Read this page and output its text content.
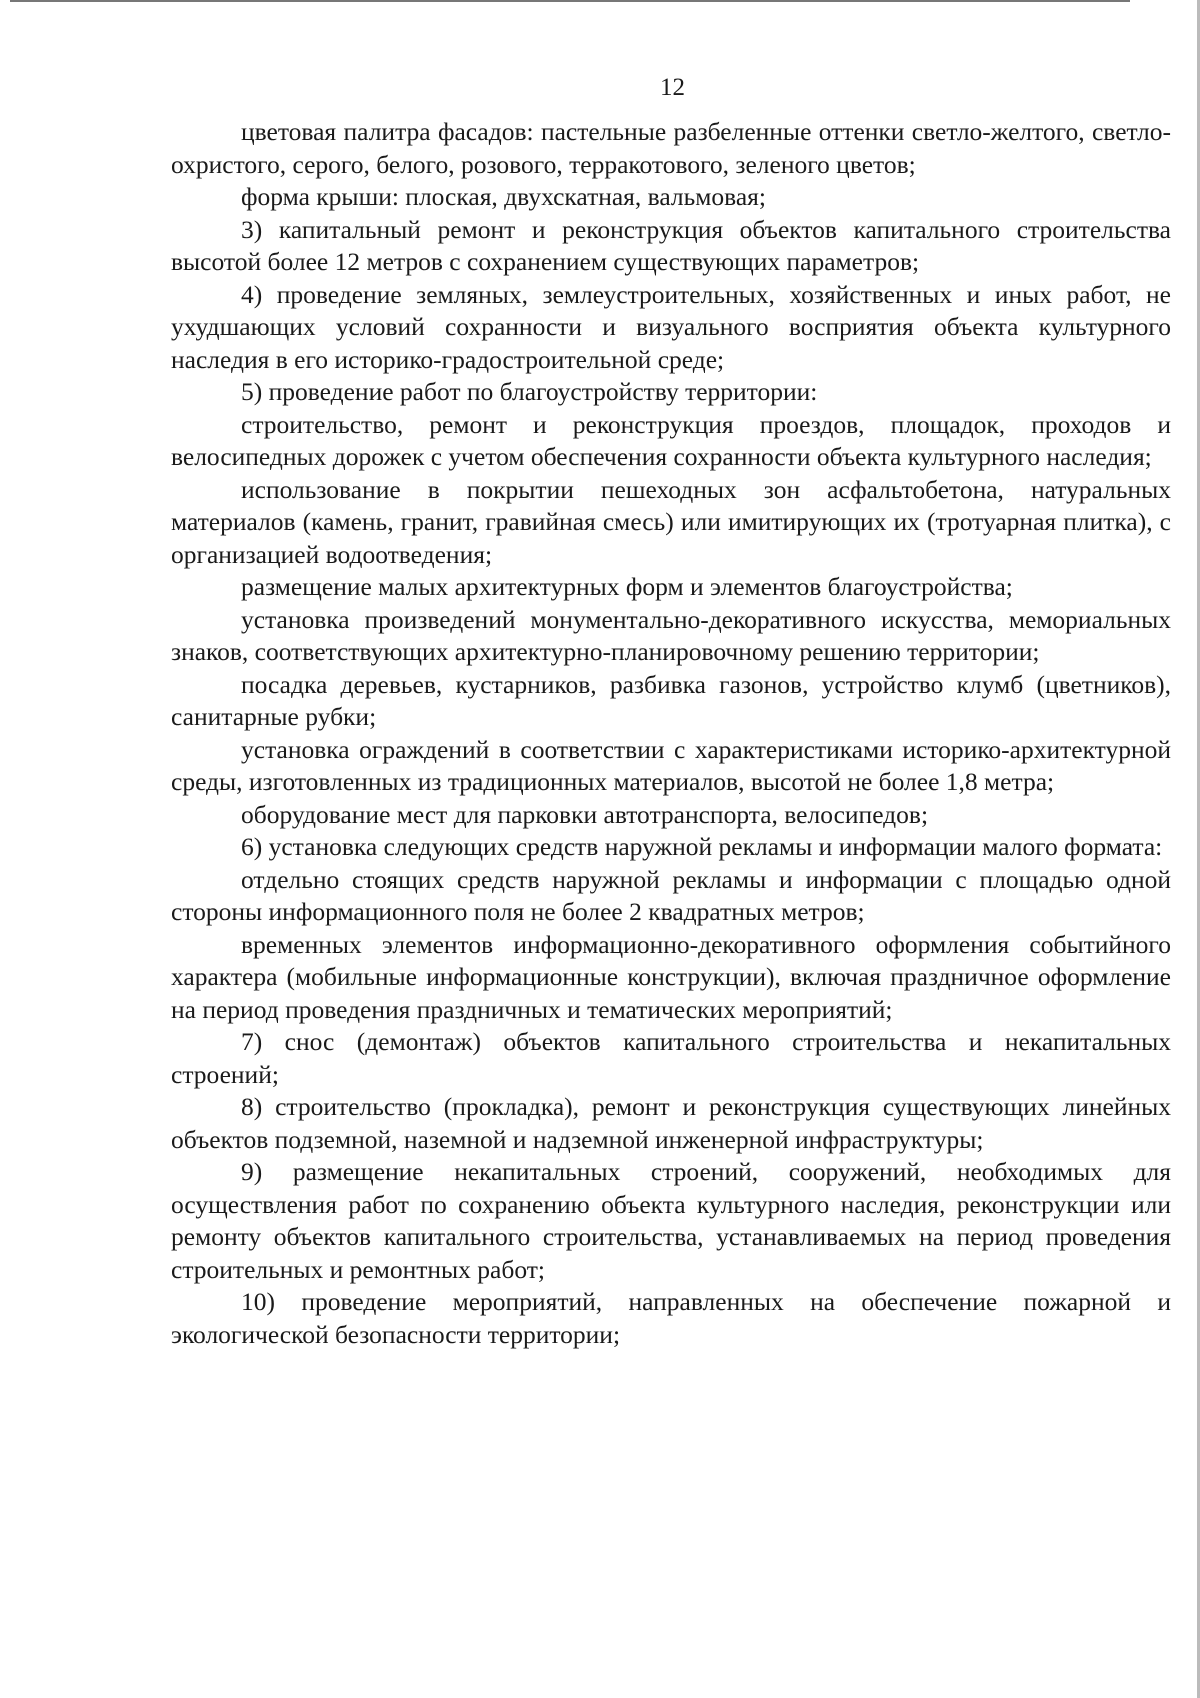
12

цветовая палитра фасадов: пастельные разбеленные оттенки светло-желтого, светло-охристого, серого, белого, розового, терракотового, зеленого цветов;

форма крыши: плоская, двухскатная, вальмовая;

3) капитальный ремонт и реконструкция объектов капитального строительства высотой более 12 метров с сохранением существующих параметров;

4) проведение земляных, землеустроительных, хозяйственных и иных работ, не ухудшающих условий сохранности и визуального восприятия объекта культурного наследия в его историко-градостроительной среде;

5) проведение работ по благоустройству территории:

строительство, ремонт и реконструкция проездов, площадок, проходов и велосипедных дорожек с учетом обеспечения сохранности объекта культурного наследия;

использование в покрытии пешеходных зон асфальтобетона, натуральных материалов (камень, гранит, гравийная смесь) или имитирующих их (тротуарная плитка), с организацией водоотведения;

размещение малых архитектурных форм и элементов благоустройства;

установка произведений монументально-декоративного искусства, мемориальных знаков, соответствующих архитектурно-планировочному решению территории;

посадка деревьев, кустарников, разбивка газонов, устройство клумб (цветников), санитарные рубки;

установка ограждений в соответствии с характеристиками историко-архитектурной среды, изготовленных из традиционных материалов, высотой не более 1,8 метра;

оборудование мест для парковки автотранспорта, велосипедов;

6) установка следующих средств наружной рекламы и информации малого формата:

отдельно стоящих средств наружной рекламы и информации с площадью одной стороны информационного поля не более 2 квадратных метров;

временных элементов информационно-декоративного оформления событийного характера (мобильные информационные конструкции), включая праздничное оформление на период проведения праздничных и тематических мероприятий;

7) снос (демонтаж) объектов капитального строительства и некапитальных строений;

8) строительство (прокладка), ремонт и реконструкция существующих линейных объектов подземной, наземной и надземной инженерной инфраструктуры;

9) размещение некапитальных строений, сооружений, необходимых для осуществления работ по сохранению объекта культурного наследия, реконструкции или ремонту объектов капитального строительства, устанавливаемых на период проведения строительных и ремонтных работ;

10) проведение мероприятий, направленных на обеспечение пожарной и экологической безопасности территории;
